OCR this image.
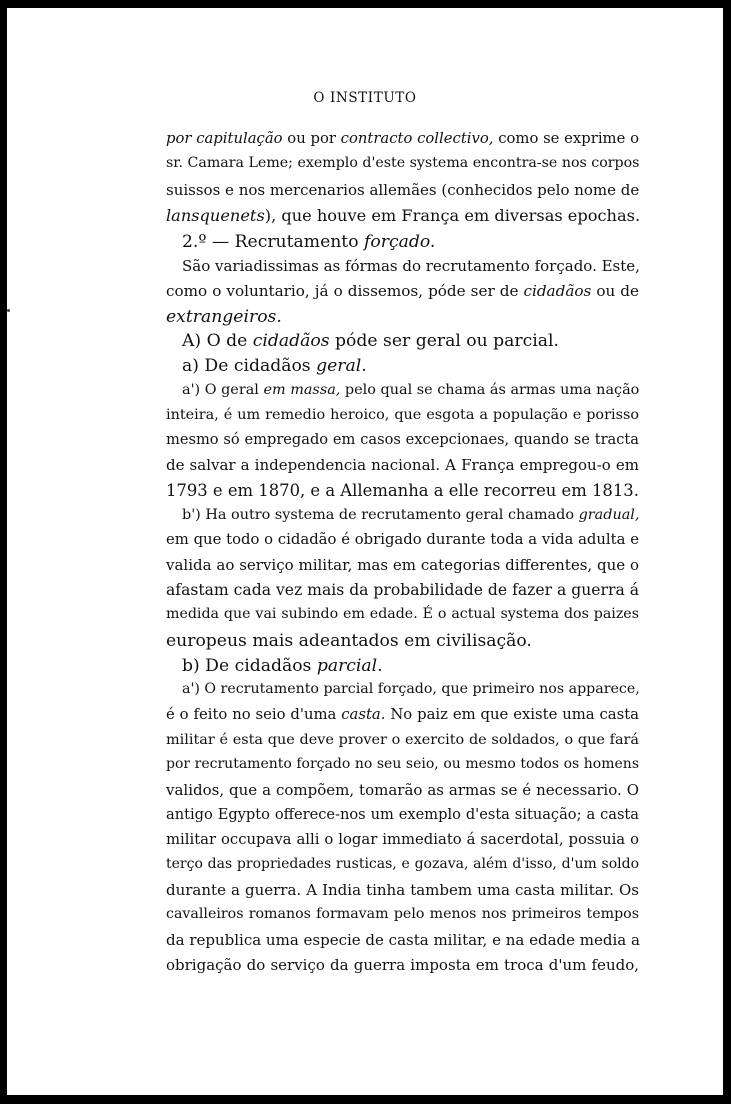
O INSTITUTO
por capitulação ou por contracto collectivo, como se exprime o
sr. Camara Leme; exemplo d'este systema encontra-se nos corpos
suissos e nos mercenarios allemães (conhecidos pelo nome de
lansquenets), que houve em França em diversas epochas.
2.º — Recrutamento forçado.
São variadissimas as fórmas do recrutamento forçado. Este,
como o voluntario, já o dissemos, póde ser de cidadãos ou de
extrangeiros.
A) O de cidadãos póde ser geral ou parcial.
a) De cidadãos geral.
a') O geral em massa, pelo qual se chama ás armas uma nação
inteira, é um remedio heroico, que esgota a população e porisso
mesmo só empregado em casos excepcionaes, quando se tracta
de salvar a independencia nacional. A França empregou-o em
1793 e em 1870, e a Allemanha a elle recorreu em 1813.
b') Ha outro systema de recrutamento geral chamado gradual,
em que todo o cidadão é obrigado durante toda a vida adulta e
valida ao serviço militar, mas em categorias differentes, que o
afastam cada vez mais da probabilidade de fazer a guerra á
medida que vai subindo em edade. É o actual systema dos paizes
europeus mais adeantados em civilisação.
b) De cidadãos parcial.
a') O recrutamento parcial forçado, que primeiro nos apparece,
é o feito no seio d'uma casta. No paiz em que existe uma casta
militar é esta que deve prover o exercito de soldados, o que fará
por recrutamento forçado no seu seio, ou mesmo todos os homens
validos, que a compõem, tomarão as armas se é necessario. O
antigo Egypto offerece-nos um exemplo d'esta situação; a casta
militar occupava alli o logar immediato á sacerdotal, possuia o
terço das propriedades rusticas, e gozava, além d'isso, d'um soldo
durante a guerra. A India tinha tambem uma casta militar. Os
cavalleiros romanos formavam pelo menos nos primeiros tempos
da republica uma especie de casta militar, e na edade media a
obrigação do serviço da guerra imposta em troca d'um feudo,
